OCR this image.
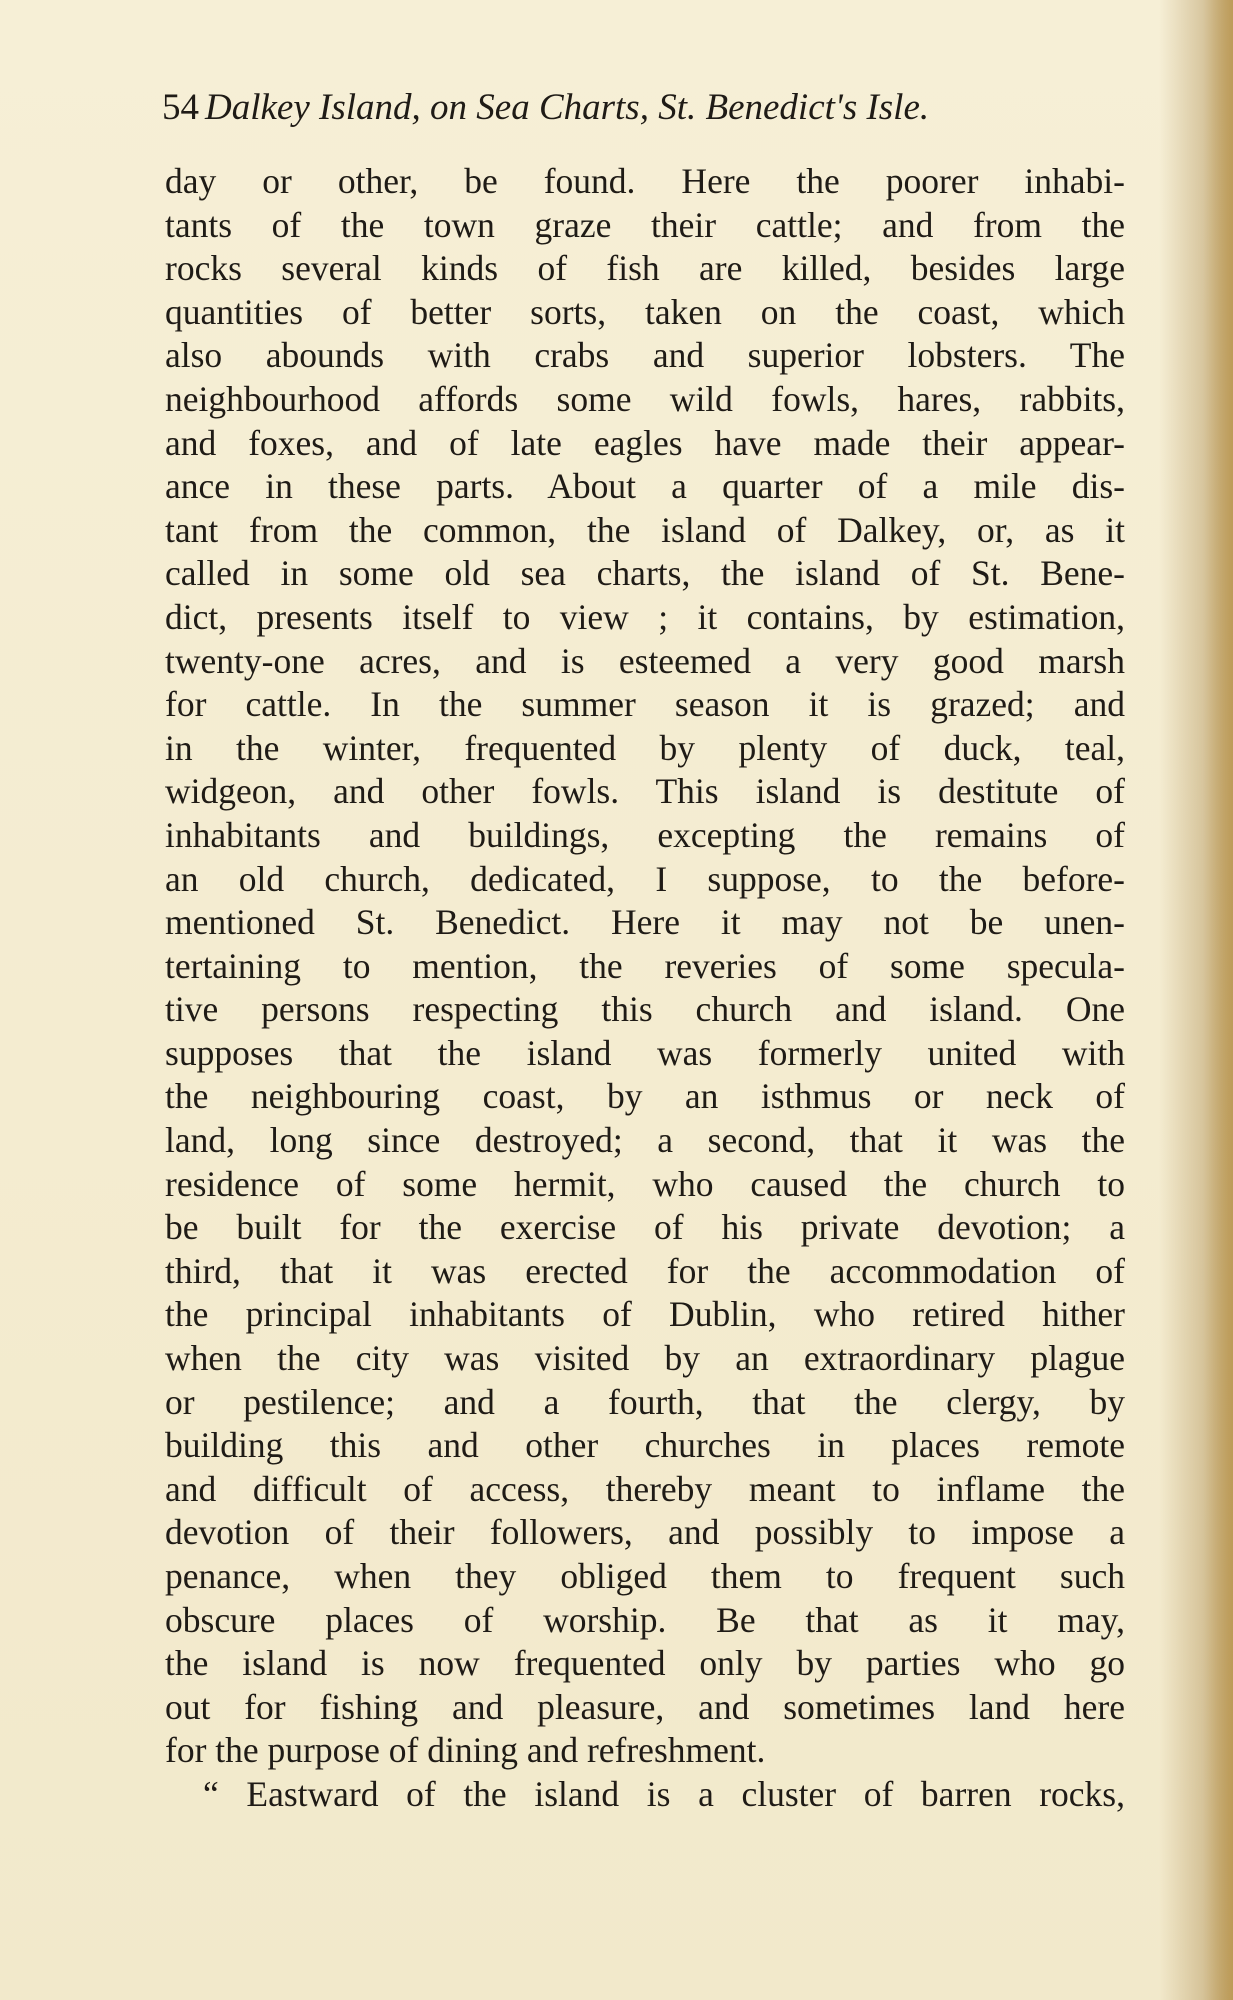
54 Dalkey Island, on Sea Charts, St. Benedict's Isle.
day or other, be found. Here the poorer inhabi-
tants of the town graze their cattle; and from the
rocks several kinds of fish are killed, besides large
quantities of better sorts, taken on the coast, which
also abounds with crabs and superior lobsters. The
neighbourhood affords some wild fowls, hares, rabbits,
and foxes, and of late eagles have made their appear-
ance in these parts. About a quarter of a mile dis-
tant from the common, the island of Dalkey, or, as it
called in some old sea charts, the island of St. Bene-
dict, presents itself to view ; it contains, by estimation,
twenty-one acres, and is esteemed a very good marsh
for cattle. In the summer season it is grazed; and
in the winter, frequented by plenty of duck, teal,
widgeon, and other fowls. This island is destitute of
inhabitants and buildings, excepting the remains of
an old church, dedicated, I suppose, to the before-
mentioned St. Benedict. Here it may not be unen-
tertaining to mention, the reveries of some specula-
tive persons respecting this church and island. One
supposes that the island was formerly united with
the neighbouring coast, by an isthmus or neck of
land, long since destroyed; a second, that it was the
residence of some hermit, who caused the church to
be built for the exercise of his private devotion; a
third, that it was erected for the accommodation of
the principal inhabitants of Dublin, who retired hither
when the city was visited by an extraordinary plague
or pestilence; and a fourth, that the clergy, by
building this and other churches in places remote
and difficult of access, thereby meant to inflame the
devotion of their followers, and possibly to impose a
penance, when they obliged them to frequent such
obscure places of worship. Be that as it may,
the island is now frequented only by parties who go
out for fishing and pleasure, and sometimes land here
for the purpose of dining and refreshment.
“ Eastward of the island is a cluster of barren rocks,
